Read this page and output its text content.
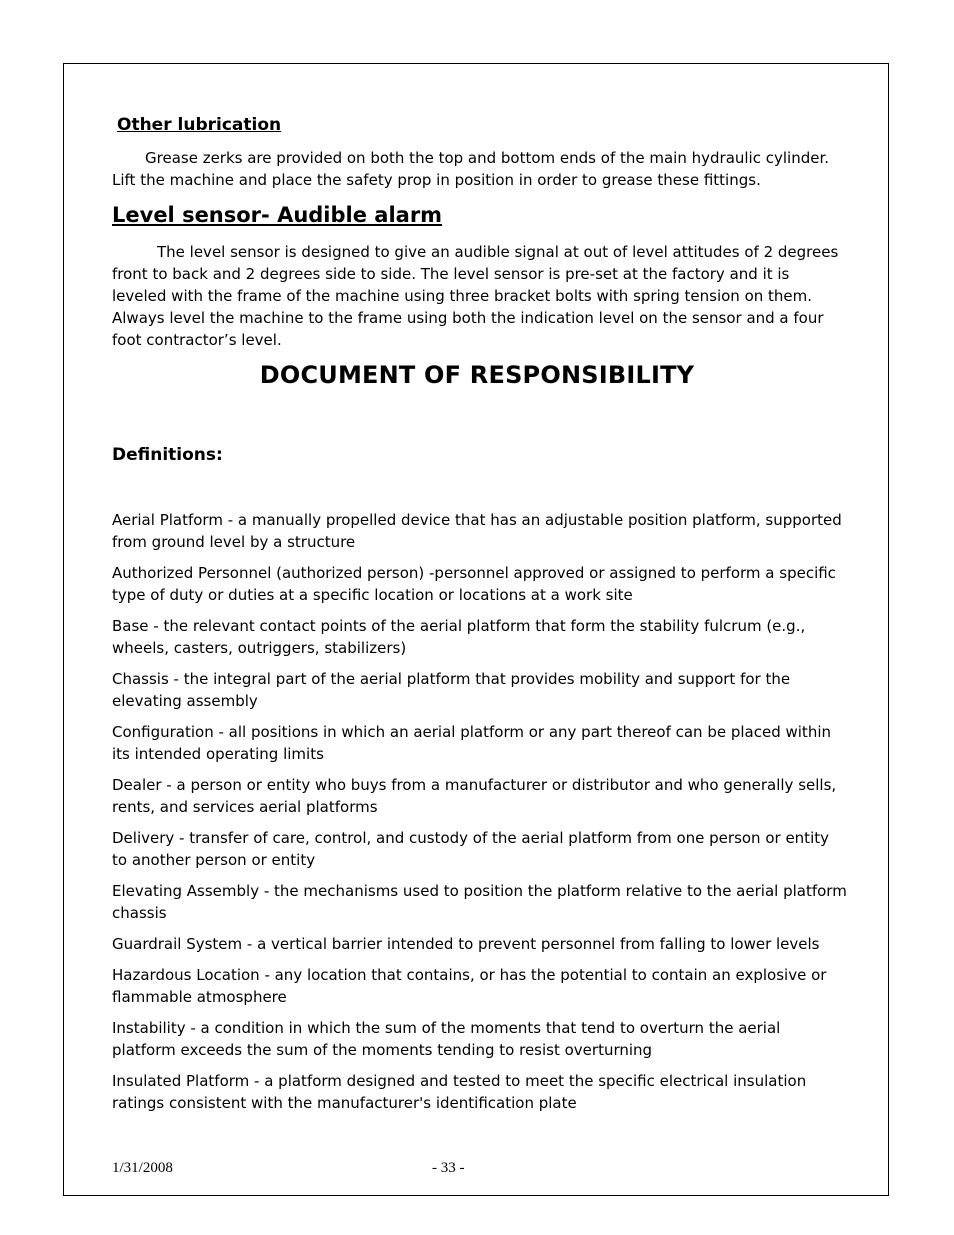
Other lubrication

Grease zerks are provided on both the top and bottom ends of the main hydraulic cylinder. Lift the machine and place the safety prop in position in order to grease these fittings.

Level sensor- Audible alarm

The level sensor is designed to give an audible signal at out of level attitudes of 2 degrees front to back and 2 degrees side to side. The level sensor is pre-set at the factory and it is leveled with the frame of the machine using three bracket bolts with spring tension on them. Always level the machine to the frame using both the indication level on the sensor and a four foot contractor’s level.

DOCUMENT OF RESPONSIBILITY
Definitions:

Aerial Platform - a manually propelled device that has an adjustable position platform, supported from ground level by a structure

Authorized Personnel (authorized person) -personnel approved or assigned to perform a specific type of duty or duties at a specific location or locations at a work site

Base - the relevant contact points of the aerial platform that form the stability fulcrum (e.g., wheels, casters, outriggers, stabilizers)

Chassis - the integral part of the aerial platform that provides mobility and support for the elevating assembly

Configuration - all positions in which an aerial platform or any part thereof can be placed within its intended operating limits

Dealer - a person or entity who buys from a manufacturer or distributor and who generally sells, rents, and services aerial platforms

Delivery - transfer of care, control, and custody of the aerial platform from one person or entity to another person or entity

Elevating Assembly - the mechanisms used to position the platform relative to the aerial platform chassis

Guardrail System - a vertical barrier intended to prevent personnel from falling to lower levels

Hazardous Location - any location that contains, or has the potential to contain an explosive or flammable atmosphere

Instability - a condition in which the sum of the moments that tend to overturn the aerial platform exceeds the sum of the moments tending to resist overturning

Insulated Platform - a platform designed and tested to meet the specific electrical insulation ratings consistent with the manufacturer's identification plate

1/31/2008	- 33 -
